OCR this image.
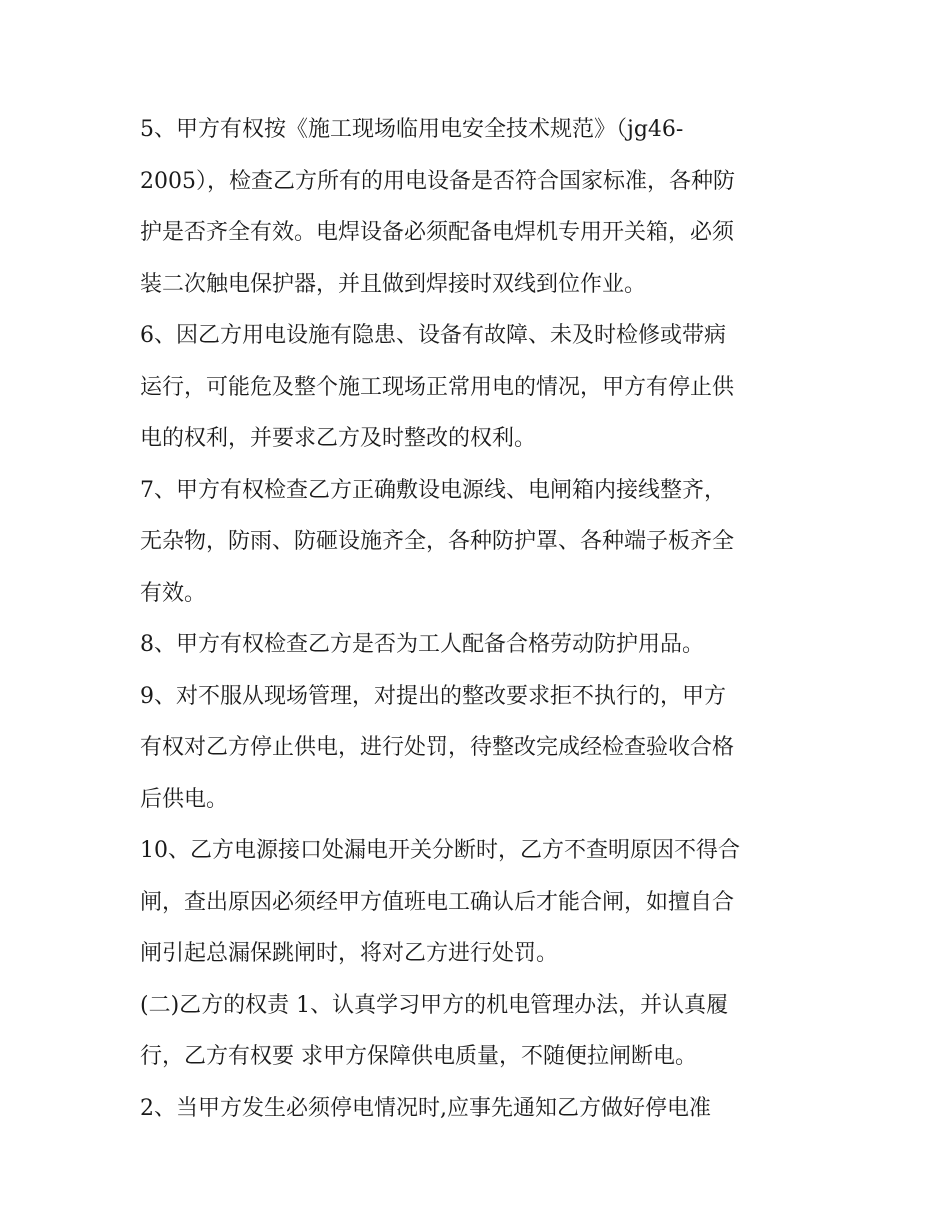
5、甲方有权按《施工现场临用电安全技术规范》（jg46-
2005），检查乙方所有的用电设备是否符合国家标准，各种防
护是否齐全有效。电焊设备必须配备电焊机专用开关箱，必须
装二次触电保护器，并且做到焊接时双线到位作业。
6、因乙方用电设施有隐患、设备有故障、未及时检修或带病
运行，可能危及整个施工现场正常用电的情况，甲方有停止供
电的权利，并要求乙方及时整改的权利。
7、甲方有权检查乙方正确敷设电源线、电闸箱内接线整齐，
无杂物，防雨、防砸设施齐全，各种防护罩、各种端子板齐全
有效。
8、甲方有权检查乙方是否为工人配备合格劳动防护用品。
9、对不服从现场管理，对提出的整改要求拒不执行的，甲方
有权对乙方停止供电，进行处罚，待整改完成经检查验收合格
后供电。
10、乙方电源接口处漏电开关分断时，乙方不查明原因不得合
闸，查出原因必须经甲方值班电工确认后才能合闸，如擅自合
闸引起总漏保跳闸时，将对乙方进行处罚。
(二)乙方的权责 1、认真学习甲方的机电管理办法，并认真履
行，乙方有权要 求甲方保障供电质量，不随便拉闸断电。
2、当甲方发生必须停电情况时,应事先通知乙方做好停电准
